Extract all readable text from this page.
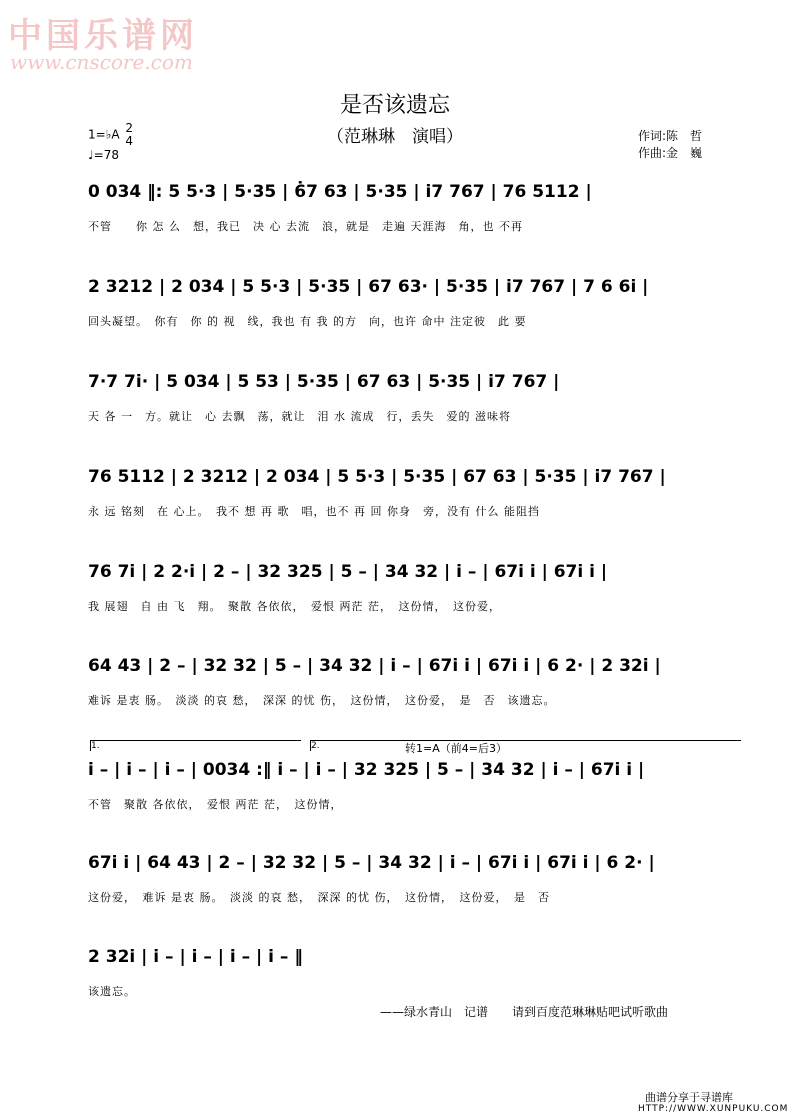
中国乐谱网
www.cnscore.com
是否该遗忘
（范琳琳　演唱）
1=♭A 2
4
♩=78
作词:陈　哲
作曲:金　巍
1.	2.	转1=A（前4=后3）
0 034 ‖: 5 5·3 | 5·35 | 6̇7 63 | 5·35 | i7 767 | 76 5112 |
不管　　你 怎 么　想，我已　决 心 去流　浪，就是　走遍 天涯海　角，也 不再
2 3212 | 2 034 | 5 5·3 | 5·35 | 67 63· | 5·35 | i7 767 | 7 6 6i |
回头凝望。　你有　你 的 视　线，我也 有 我 的方　向，也许 命中 注定彼　此 要
7·7 7i· | 5 034 | 5 53 | 5·35 | 67 63 | 5·35 | i7 767 |
天 各 一　方。就让　心 去飘　荡，就让　泪 水 流成　行，丢失　爱的 滋味将
76 5112 | 2 3212 | 2 034 | 5 5·3 | 5·35 | 67 63 | 5·35 | i7 767 |
永 远 铭刻　在 心上。　我不 想 再 歌　唱，也不 再 回 你身　旁，没有 什么 能阻挡
76 7i | 2 2·i | 2 – | 32 325 | 5 – | 34 32 | i – | 67i i | 67i i |
我 展翅　自 由 飞　翔。　聚散 各依依，　爱恨 两茫 茫，　这份情，　这份爱，
64 43 | 2 – | 32 32 | 5 – | 34 32 | i – | 67i i | 67i i | 6 2· | 2 32i |
难诉 是衷 肠。　淡淡 的哀 愁，　深深 的忧 伤，　这份情，　这份爱，　是　否　该遗忘。
i – | i – | i – | 0034 :‖ i – | i – | 32 325 | 5 – | 34 32 | i – | 67i i |
不管　聚散 各依依，　爱恨 两茫 茫，　这份情，
67i i | 64 43 | 2 – | 32 32 | 5 – | 34 32 | i – | 67i i | 67i i | 6 2· |
这份爱，　难诉 是衷 肠。　淡淡 的哀 愁，　深深 的忧 伤，　这份情，　这份爱，　是　否
2 32i | i – | i – | i – | i – ‖
该遗忘。
——绿水青山　记谱　　请到百度范琳琳贴吧试听歌曲
曲谱分享于寻谱库
HTTP://WWW.XUNPUKU.COM
